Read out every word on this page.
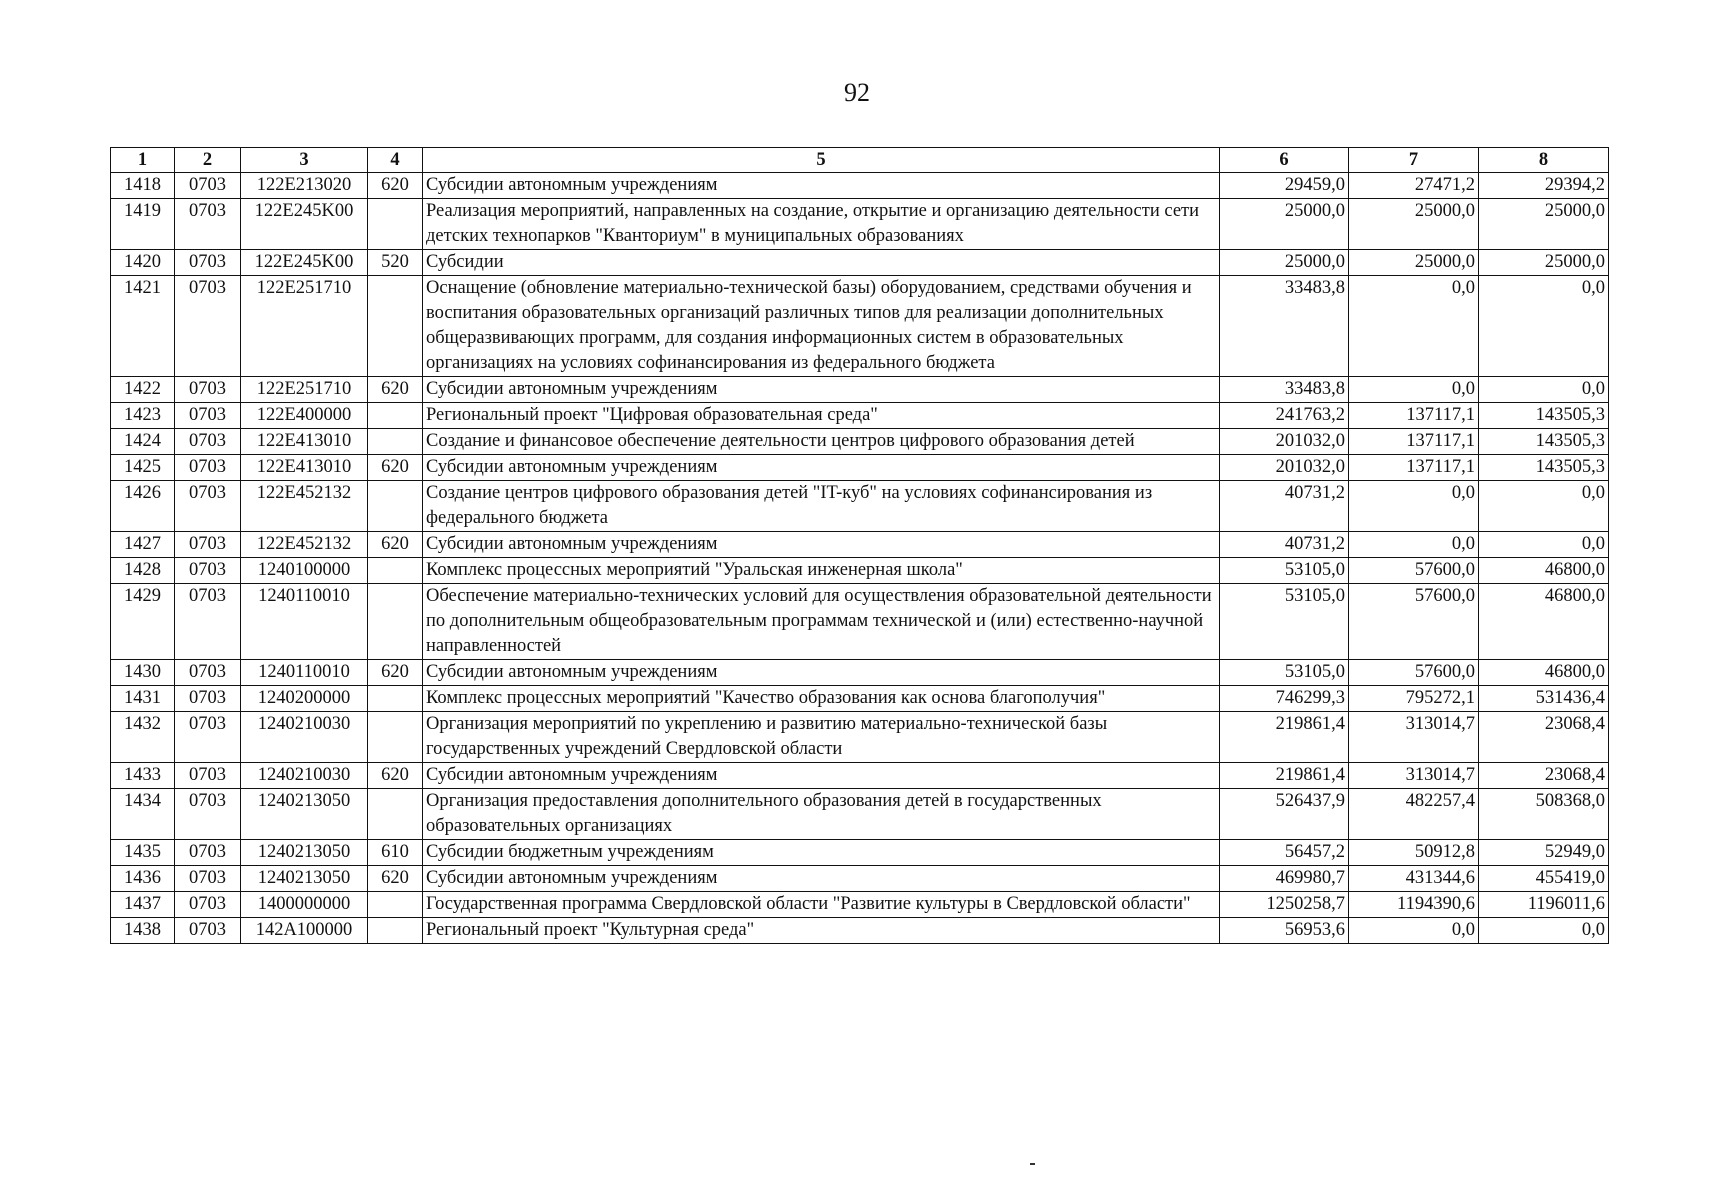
92
1	2	3	4	5	6	7	8
1418	0703	122E213020	620	Субсидии автономным учреждениям	29459,0	27471,2	29394,2
1419	0703	122E245K00		Реализация мероприятий, направленных на создание, открытие и организацию деятельности сети детских технопарков "Кванториум" в муниципальных образованиях	25000,0	25000,0	25000,0
1420	0703	122E245K00	520	Субсидии	25000,0	25000,0	25000,0
1421	0703	122E251710		Оснащение (обновление материально-технической базы) оборудованием, средствами обучения и воспитания образовательных организаций различных типов для реализации дополнительных общеразвивающих программ, для создания информационных систем в образовательных организациях на условиях софинансирования из федерального бюджета	33483,8	0,0	0,0
1422	0703	122E251710	620	Субсидии автономным учреждениям	33483,8	0,0	0,0
1423	0703	122E400000		Региональный проект "Цифровая образовательная среда"	241763,2	137117,1	143505,3
1424	0703	122E413010		Создание и финансовое обеспечение деятельности центров цифрового образования детей	201032,0	137117,1	143505,3
1425	0703	122E413010	620	Субсидии автономным учреждениям	201032,0	137117,1	143505,3
1426	0703	122E452132		Создание центров цифрового образования детей "IT-куб" на условиях софинансирования из федерального бюджета	40731,2	0,0	0,0
1427	0703	122E452132	620	Субсидии автономным учреждениям	40731,2	0,0	0,0
1428	0703	1240100000		Комплекс процессных мероприятий "Уральская инженерная школа"	53105,0	57600,0	46800,0
1429	0703	1240110010		Обеспечение материально-технических условий для осуществления образовательной деятельности по дополнительным общеобразовательным программам технической и (или) естественно-научной направленностей	53105,0	57600,0	46800,0
1430	0703	1240110010	620	Субсидии автономным учреждениям	53105,0	57600,0	46800,0
1431	0703	1240200000		Комплекс процессных мероприятий "Качество образования как основа благополучия"	746299,3	795272,1	531436,4
1432	0703	1240210030		Организация мероприятий по укреплению и развитию материально-технической базы государственных учреждений Свердловской области	219861,4	313014,7	23068,4
1433	0703	1240210030	620	Субсидии автономным учреждениям	219861,4	313014,7	23068,4
1434	0703	1240213050		Организация предоставления дополнительного образования детей в государственных образовательных организациях	526437,9	482257,4	508368,0
1435	0703	1240213050	610	Субсидии бюджетным учреждениям	56457,2	50912,8	52949,0
1436	0703	1240213050	620	Субсидии автономным учреждениям	469980,7	431344,6	455419,0
1437	0703	1400000000		Государственная программа Свердловской области "Развитие культуры в Свердловской области"	1250258,7	1194390,6	1196011,6
1438	0703	142A100000		Региональный проект "Культурная среда"	56953,6	0,0	0,0
